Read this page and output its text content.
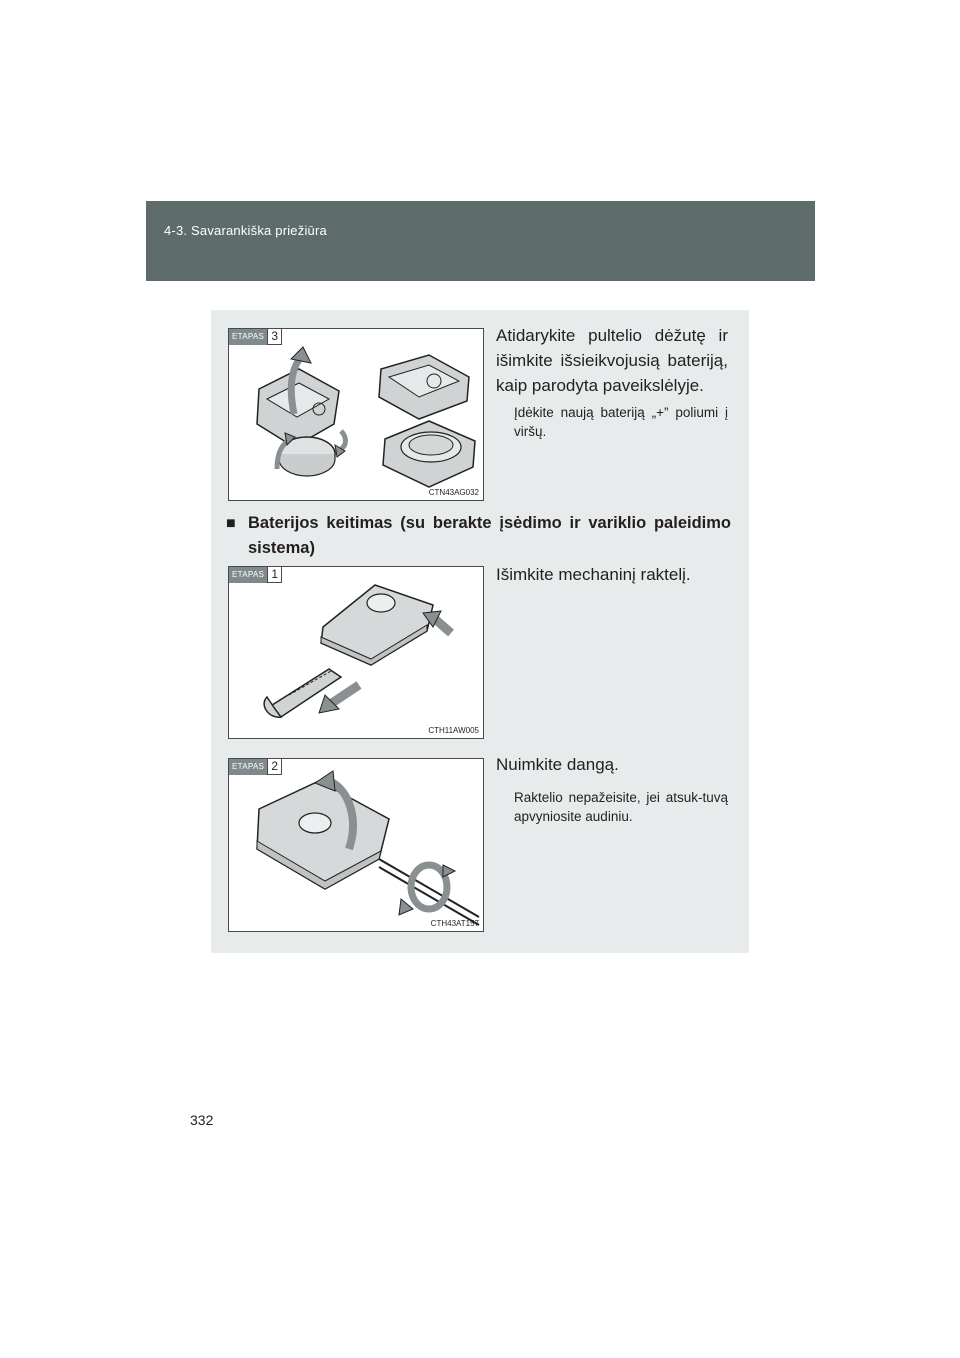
4-3. Savarankiška priežiūra
ETAPAS 3
CTN43AG032
Atidarykite pultelio dėžutę ir išimkite išsieikvojusią bateriją, kaip parodyta paveikslėlyje.
Įdėkite naują bateriją „+” poliumi į viršų.
■ Baterijos keitimas (su berakte įsėdimo ir variklio paleidimo sistema)
ETAPAS 1
CTH11AW005
Išimkite mechaninį raktelį.
ETAPAS 2
CTH43AT157
Nuimkite dangą.
Raktelio nepažeisite, jei atsuk-tuvą apvyniosite audiniu.
332
